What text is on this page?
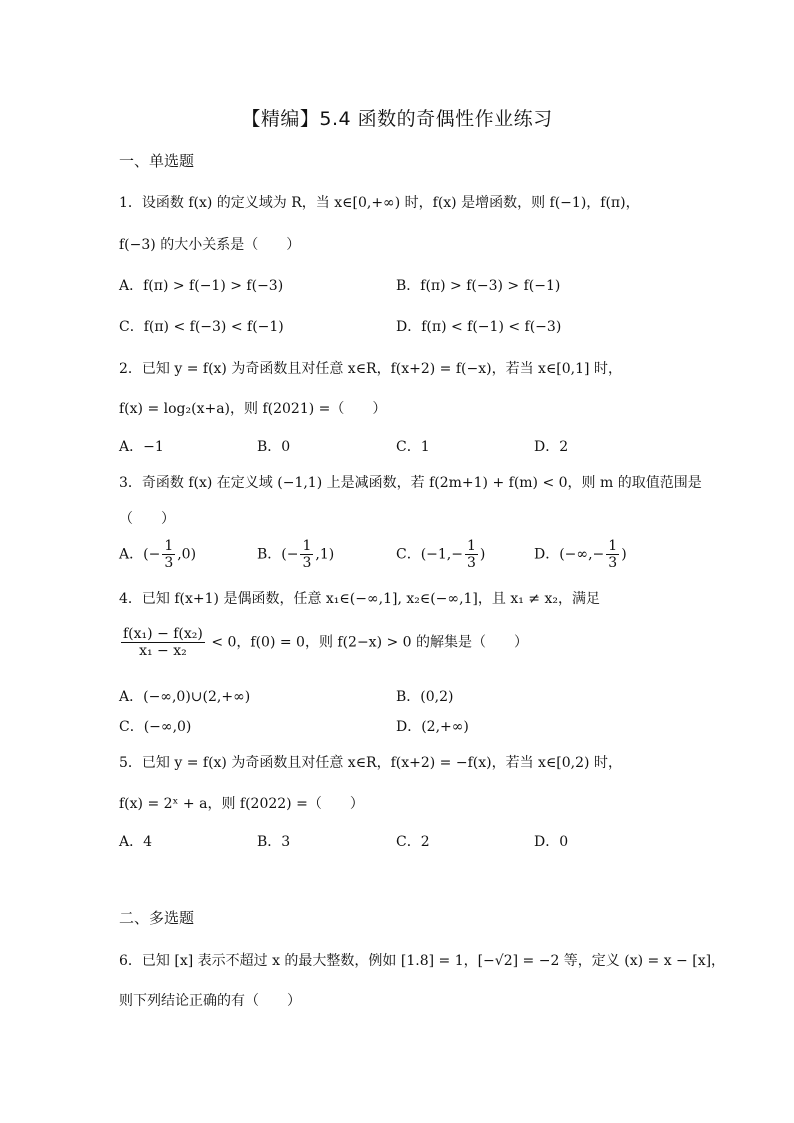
【精编】5.4 函数的奇偶性作业练习
一、单选题
1．设函数 f(x) 的定义域为 R，当 x∈[0,+∞) 时，f(x) 是增函数，则 f(−1)，f(π)，
f(−3) 的大小关系是（　　）
A．f(π) > f(−1) > f(−3)	B．f(π) > f(−3) > f(−1)
C．f(π) < f(−3) < f(−1)	D．f(π) < f(−1) < f(−3)
2．已知 y = f(x) 为奇函数且对任意 x∈R，f(x+2) = f(−x)，若当 x∈[0,1] 时，
f(x) = log₂(x+a)，则 f(2021) =（　　）
A．−1	B．0	C．1	D．2
3．奇函数 f(x) 在定义域 (−1,1) 上是减函数，若 f(2m+1) + f(m) < 0，则 m 的取值范围是
（　　）
A．(− $\frac{1}{3} ,0$)	B．(− $\frac{1}{3} ,1$)	C．($-1,- \frac{1}{3}$ )	D．(−∞,− $\frac{1}{3}$ )
4．已知 f(x+1) 是偶函数，任意 x₁∈(−∞,1], x₂∈(−∞,1]，且 x₁ ≠ x₂，满足
$\frac{\text{f(x₁) − f(x₂)}}{\text{x₁ − x₂}} < 0$，f(0) = 0，则 f(2−x) > 0 的解集是（　　）
A．(−∞,0)∪(2,+∞)	B．(0,2)
C．(−∞,0)	D．(2,+∞)
5．已知 y = f(x) 为奇函数且对任意 x∈R，f(x+2) = −f(x)，若当 x∈[0,2) 时，
f(x) = 2ˣ + a，则 f(2022) =（　　）
A．4	B．3	C．2	D．0
二、多选题
6．已知 [x] 表示不超过 x 的最大整数，例如 [1.8] = 1，[−√2] = −2 等，定义 (x) = x − [x]，
则下列结论正确的有（　　）
